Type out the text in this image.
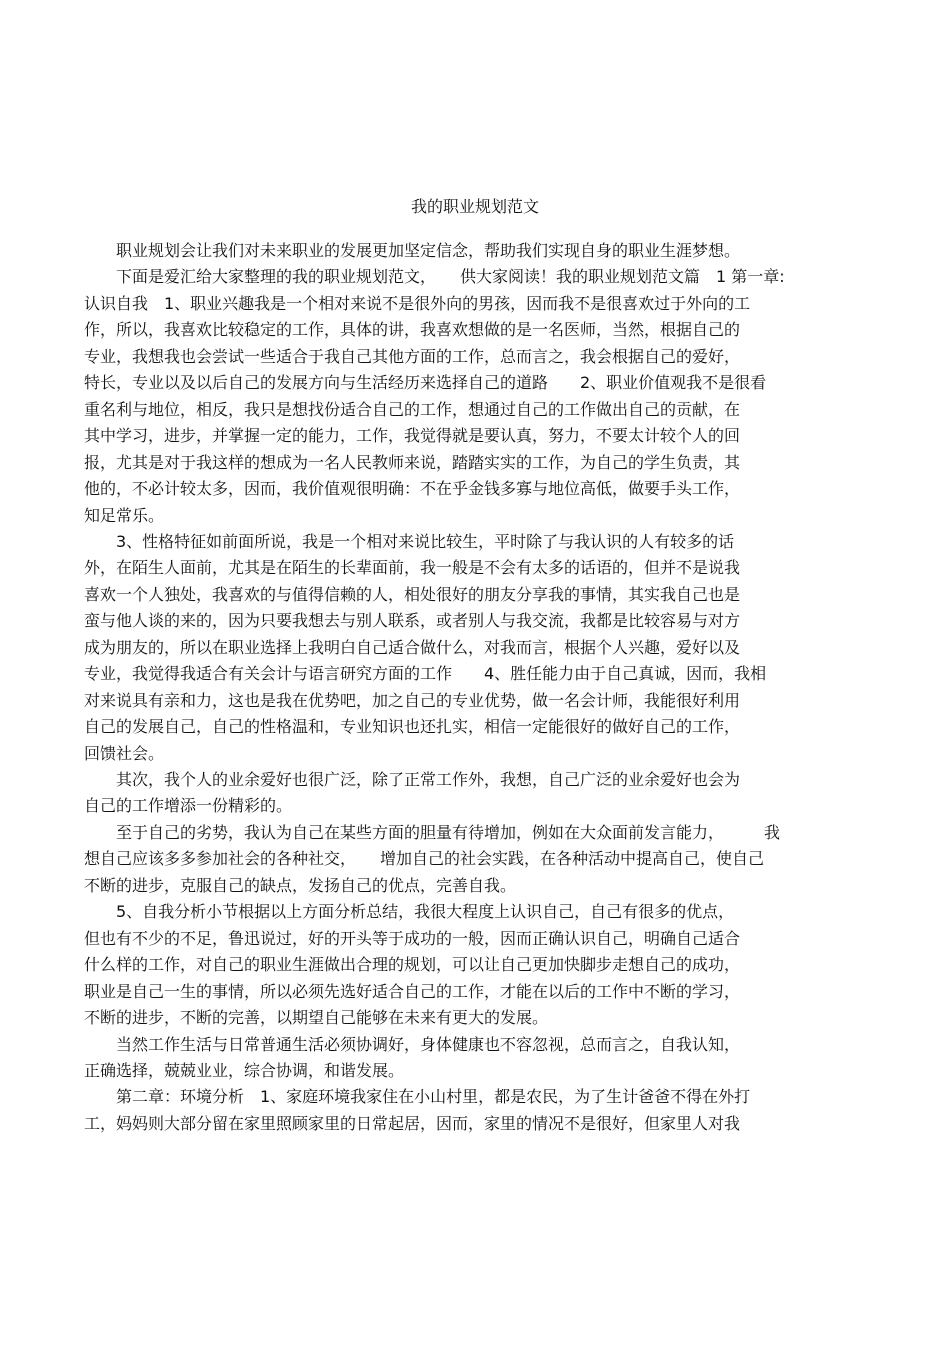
我的职业规划范文
　　职业规划会让我们对未来职业的发展更加坚定信念，帮助我们实现自身的职业生涯梦想。
　　下面是爱汇给大家整理的我的职业规划范文，　　供大家阅读！我的职业规划范文篇　1 第一章:
认识自我　1、职业兴趣我是一个相对来说不是很外向的男孩，因而我不是很喜欢过于外向的工
作，所以，我喜欢比较稳定的工作，具体的讲，我喜欢想做的是一名医师，当然，根据自己的
专业，我想我也会尝试一些适合于我自己其他方面的工作，总而言之，我会根据自己的爱好，
特长，专业以及以后自己的发展方向与生活经历来选择自己的道路　　2、职业价值观我不是很看
重名利与地位，相反，我只是想找份适合自己的工作，想通过自己的工作做出自己的贡献，在
其中学习，进步，并掌握一定的能力，工作，我觉得就是要认真，努力，不要太计较个人的回
报，尤其是对于我这样的想成为一名人民教师来说，踏踏实实的工作，为自己的学生负责，其
他的，不必计较太多，因而，我价值观很明确：不在乎金钱多寡与地位高低，做要手头工作，
知足常乐。
　　3、性格特征如前面所说，我是一个相对来说比较生，平时除了与我认识的人有较多的话
外，在陌生人面前，尤其是在陌生的长辈面前，我一般是不会有太多的话语的，但并不是说我
喜欢一个人独处，我喜欢的与值得信赖的人，相处很好的朋友分享我的事情，其实我自己也是
蛮与他人谈的来的，因为只要我想去与别人联系，或者别人与我交流，我都是比较容易与对方
成为朋友的，所以在职业选择上我明白自己适合做什么，对我而言，根据个人兴趣，爱好以及
专业，我觉得我适合有关会计与语言研究方面的工作　　4、胜任能力由于自己真诚，因而，我相
对来说具有亲和力，这也是我在优势吧，加之自己的专业优势，做一名会计师，我能很好利用
自己的发展自己，自己的性格温和，专业知识也还扎实，相信一定能很好的做好自己的工作，
回馈社会。
　　其次，我个人的业余爱好也很广泛，除了正常工作外，我想，自己广泛的业余爱好也会为
自己的工作增添一份精彩的。
　　至于自己的劣势，我认为自己在某些方面的胆量有待增加，例如在大众面前发言能力，　　　我
想自己应该多多参加社会的各种社交，　　增加自己的社会实践，在各种活动中提高自己，使自己
不断的进步，克服自己的缺点，发扬自己的优点，完善自我。
　　5、自我分析小节根据以上方面分析总结，我很大程度上认识自己，自己有很多的优点，
但也有不少的不足，鲁迅说过，好的开头等于成功的一般，因而正确认识自己，明确自己适合
什么样的工作，对自己的职业生涯做出合理的规划，可以让自己更加快脚步走想自己的成功，
职业是自己一生的事情，所以必须先选好适合自己的工作，才能在以后的工作中不断的学习，
不断的进步，不断的完善，以期望自己能够在未来有更大的发展。
　　当然工作生活与日常普通生活必须协调好，身体健康也不容忽视，总而言之，自我认知，
正确选择，兢兢业业，综合协调，和谐发展。
　　第二章：环境分析　1、家庭环境我家住在小山村里，都是农民，为了生计爸爸不得在外打
工，妈妈则大部分留在家里照顾家里的日常起居，因而，家里的情况不是很好，但家里人对我
